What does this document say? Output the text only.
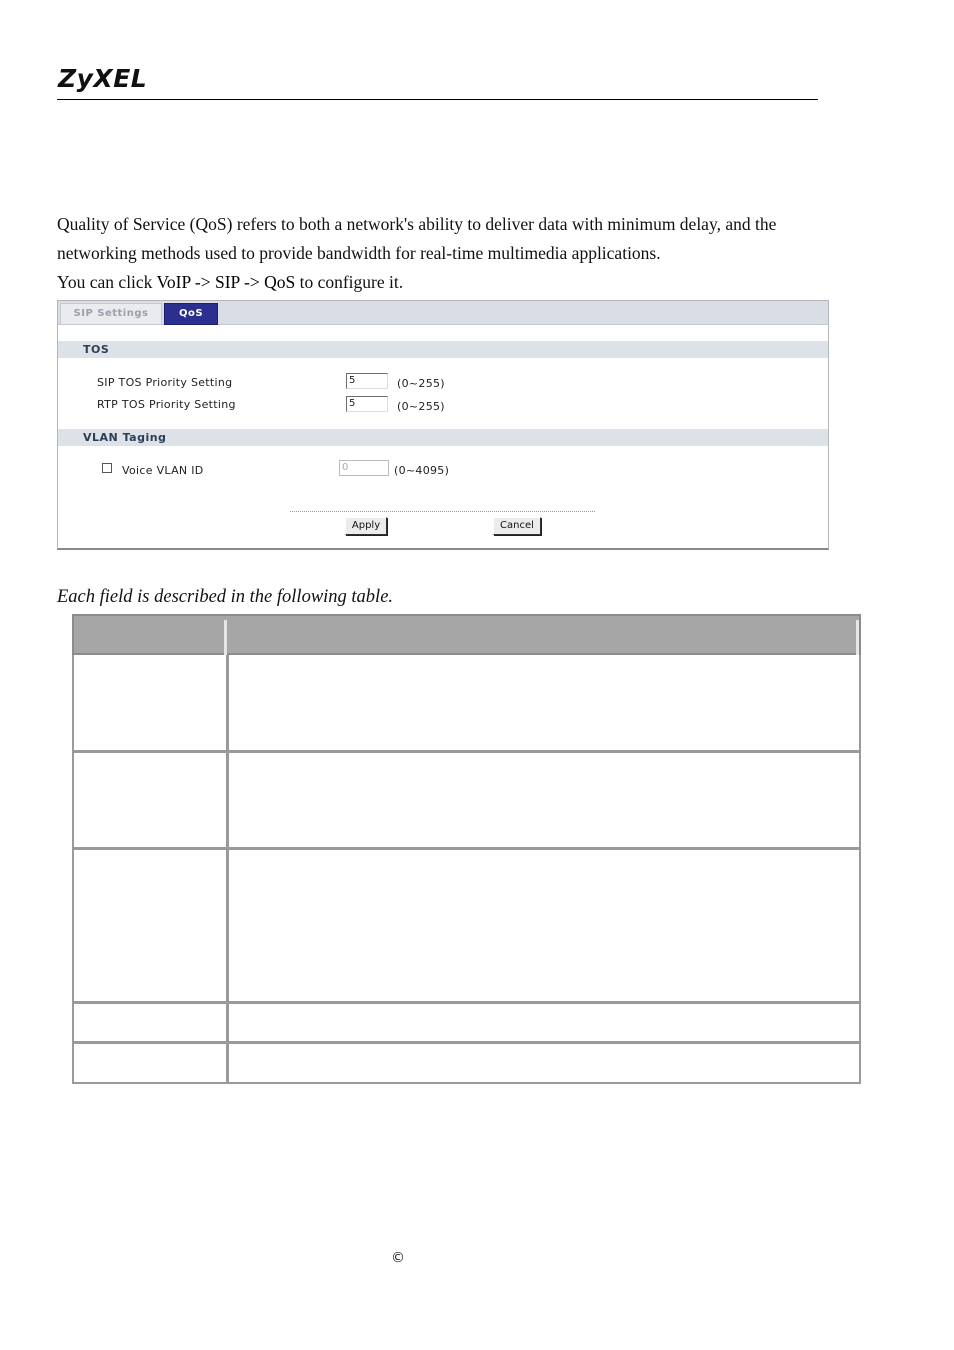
ZyXEL
Quality of Service (QoS) refers to both a network's ability to deliver data with minimum delay, and the
networking methods used to provide bandwidth for real-time multimedia applications.
You can click VoIP -> SIP -> QoS to configure it.
SIP Settings	QoS
TOS
SIP TOS Priority Setting	5	(0~255)
RTP TOS Priority Setting	5	(0~255)
VLAN Taging
Voice VLAN ID	0	(0~4095)
Apply	Cancel
Each field is described in the following table.
©
